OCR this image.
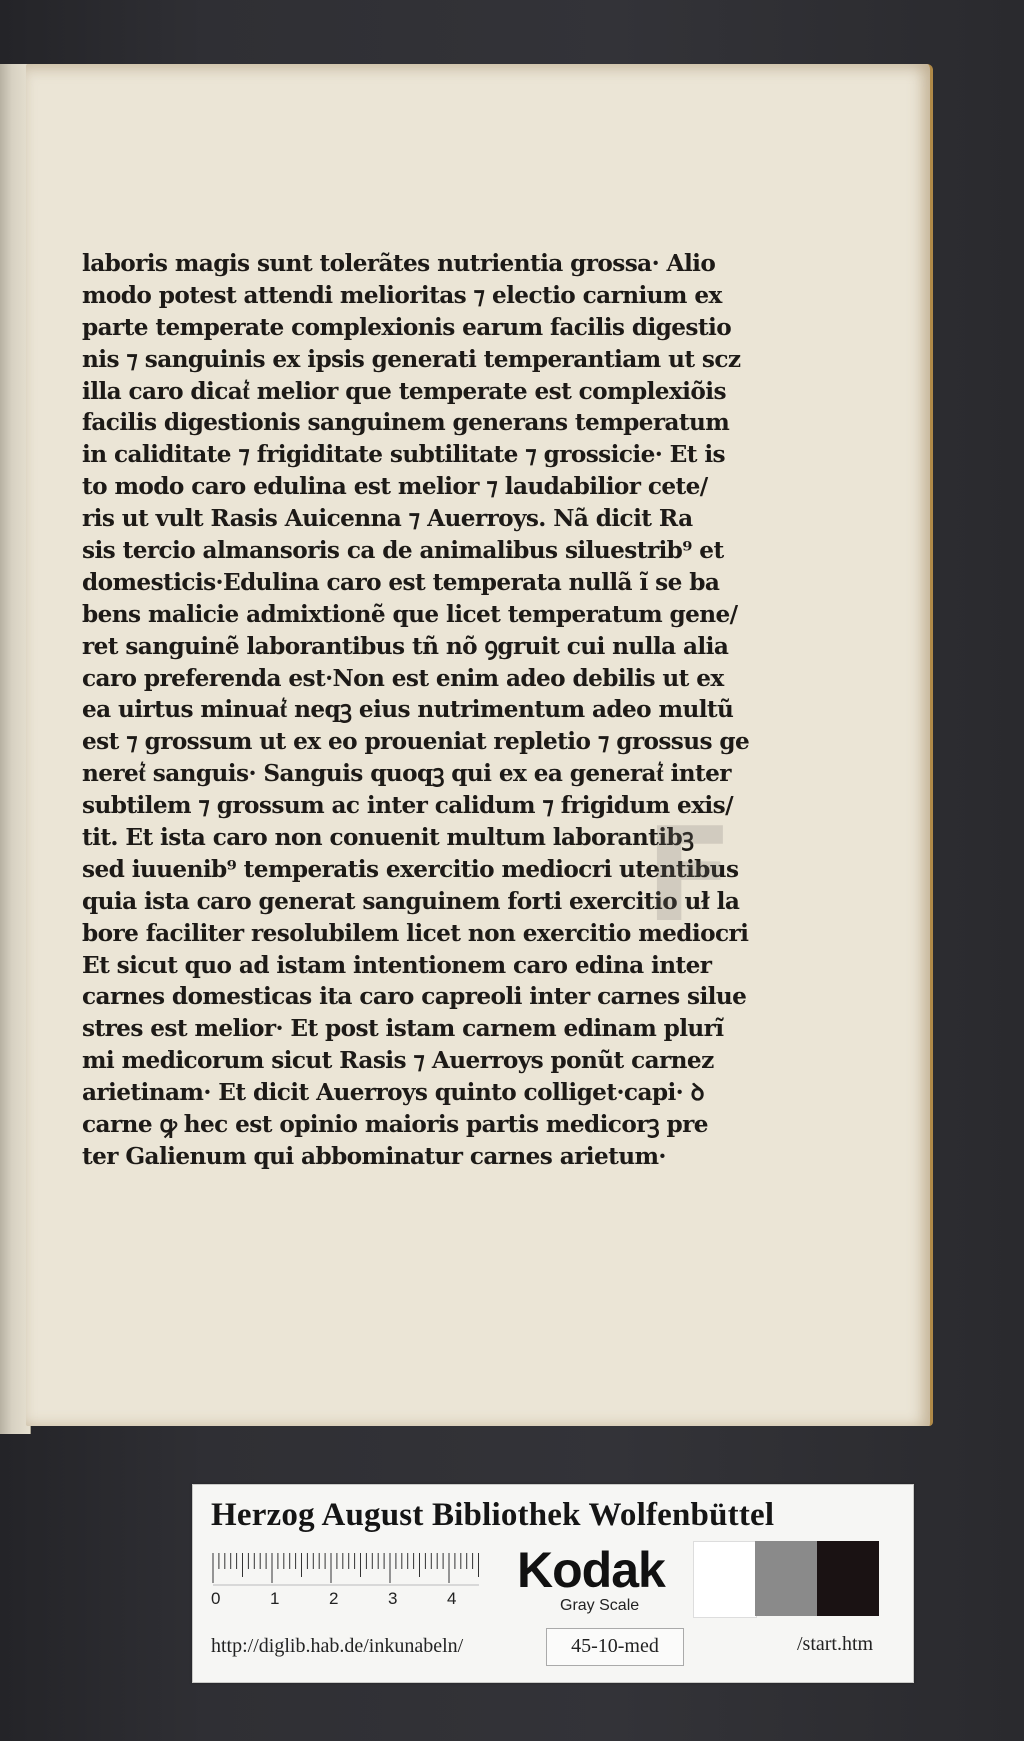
laboris magis sunt tolerãtes nutrientia grossa· Alio
modo potest attendi melioritas ⁊ electio carnium ex
parte temperate complexionis earum facilis digestio
nis ⁊ sanguinis ex ipsis generati temperantiam ut scz
illa caro dicat͛ melior que temperate est complexiõis
facilis digestionis sanguinem generans temperatum
in caliditate ⁊ frigiditate subtilitate ⁊ grossicie· Et is
to modo caro edulina est melior ⁊ laudabilior cete/
ris ut vult Rasis Auicenna ⁊ Auerroys. Nã dicit Ra
sis tercio almansoris ca de animalibus siluestrib⁹ et
domesticis·Edulina caro est temperata nullã ĩ se ba
bens malicie admixtionẽ que licet temperatum gene/
ret sanguinẽ laborantibus tñ nõ ꝯgruit cui nulla alia
caro preferenda est·Non est enim adeo debilis ut ex
ea uirtus minuat͛ neqꝫ eius nutrimentum adeo multũ
est ⁊ grossum ut ex eo proueniat repletio ⁊ grossus ge
neret͛ sanguis· Sanguis quoqꝫ qui ex ea generat͛ inter
subtilem ⁊ grossum ac inter calidum ⁊ frigidum exis/
tit. Et ista caro non conuenit multum laborantibꝫ
sed iuuenib⁹ temperatis exercitio mediocri utentibus
quia ista caro generat sanguinem forti exercitio uł la
bore faciliter resolubilem licet non exercitio mediocri
Et sicut quo ad istam intentionem caro edina inter
carnes domesticas ita caro capreoli inter carnes silue
stres est melior· Et post istam carnem edinam plurĩ
mi medicorum sicut Rasis ⁊ Auerroys ponũt carnez
arietinam· Et dicit Auerroys quinto colliget·capi· ꝺ
carne ꝙ hec est opinio maioris partis medicorꝫ pre
ter Galienum qui abbominatur carnes arietum·
F
Herzog August Bibliothek Wolfenbüttel
0	1	2	3	4
Kodak
Gray Scale
http://diglib.hab.de/inkunabeln/	45-10-med	/start.htm
